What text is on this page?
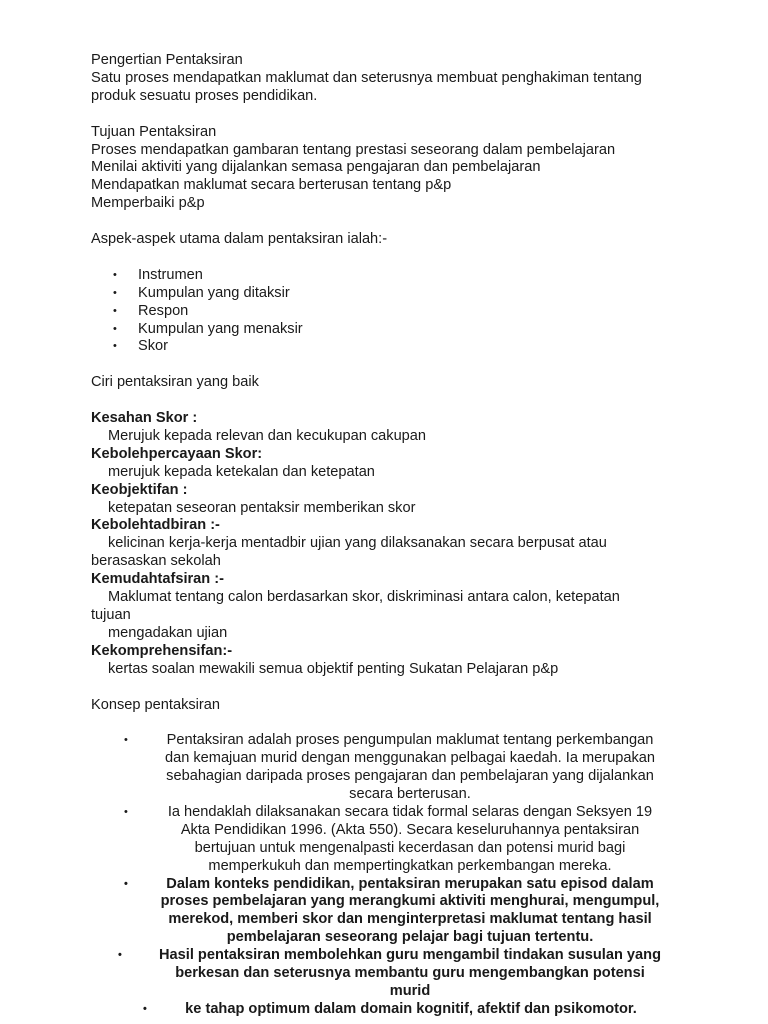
Pengertian Pentaksiran
Satu proses mendapatkan maklumat dan seterusnya membuat penghakiman tentang
produk sesuatu proses pendidikan.
Tujuan Pentaksiran
Proses mendapatkan gambaran tentang prestasi seseorang dalam pembelajaran
Menilai aktiviti yang dijalankan semasa pengajaran dan pembelajaran
Mendapatkan maklumat secara berterusan tentang p&p
Memperbaiki p&p
Aspek-aspek utama dalam pentaksiran ialah:-
• Instrumen
• Kumpulan yang ditaksir
• Respon
• Kumpulan yang menaksir
• Skor
Ciri pentaksiran yang baik
Kesahan Skor :
Merujuk kepada relevan dan kecukupan cakupan
Kebolehpercayaan Skor:
merujuk kepada ketekalan dan ketepatan
Keobjektifan :
ketepatan seseoran pentaksir memberikan skor
Kebolehtadbiran :-
kelicinan kerja-kerja mentadbir ujian yang dilaksanakan secara berpusat atau
berasaskan sekolah
Kemudahtafsiran :-
Maklumat tentang calon berdasarkan skor, diskriminasi antara calon, ketepatan
tujuan
mengadakan ujian
Kekomprehensifan:-
kertas soalan mewakili semua objektif penting Sukatan Pelajaran p&p
Konsep pentaksiran
• Pentaksiran adalah proses pengumpulan maklumat tentang perkembangan
dan kemajuan murid dengan menggunakan pelbagai kaedah. Ia merupakan
sebahagian daripada proses pengajaran dan pembelajaran yang dijalankan
secara berterusan.
• Ia hendaklah dilaksanakan secara tidak formal selaras dengan Seksyen 19
Akta Pendidikan 1996. (Akta 550). Secara keseluruhannya pentaksiran
bertujuan untuk mengenalpasti kecerdasan dan potensi murid bagi
memperkukuh dan mempertingkatkan perkembangan mereka.
• Dalam konteks pendidikan, pentaksiran merupakan satu episod dalam
proses pembelajaran yang merangkumi aktiviti menghurai, mengumpul,
merekod, memberi skor dan menginterpretasi maklumat tentang hasil
pembelajaran seseorang pelajar bagi tujuan tertentu.
• Hasil pentaksiran membolehkan guru mengambil tindakan susulan yang
berkesan dan seterusnya membantu guru mengembangkan potensi
murid
• ke tahap optimum dalam domain kognitif, afektif dan psikomotor.
